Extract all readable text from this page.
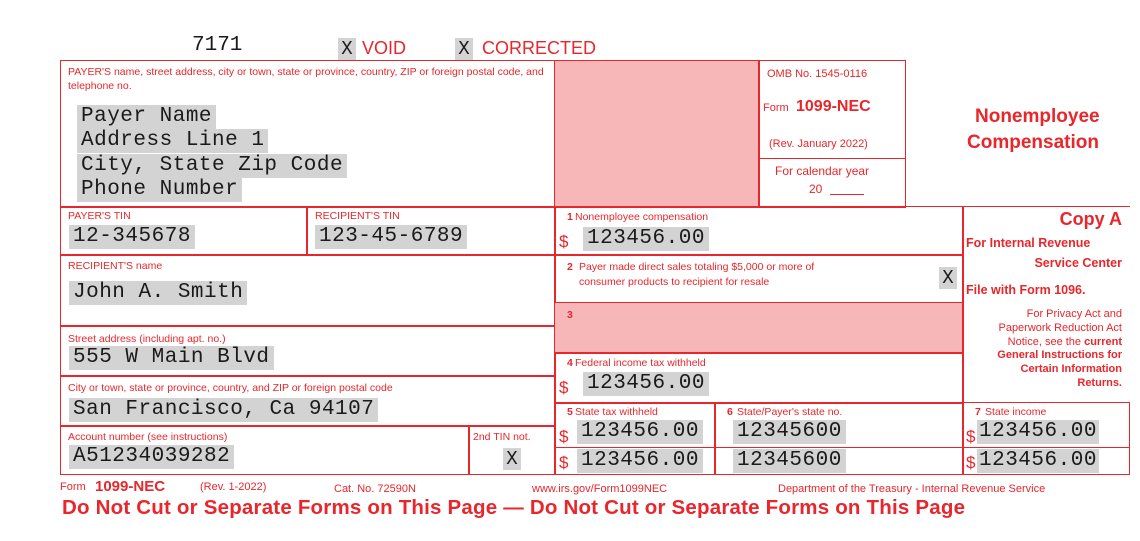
7171	X VOID	X CORRECTED
PAYER'S name, street address, city or town, state or province, country, ZIP or foreign postal code, and telephone no.
Payer Name
Address Line 1
City, State Zip Code
Phone Number
OMB No. 1545-0116
Form 1099-NEC
(Rev. January 2022)
For calendar year
20
Nonemployee
Compensation
PAYER'S TIN
12-345678
RECIPIENT'S TIN
123-45-6789
RECIPIENT'S name
John A. Smith
Street address (including apt. no.)
555 W Main Blvd
City or town, state or province, country, and ZIP or foreign postal code
San Francisco, Ca 94107
Account number (see instructions)
A51234039282
2nd TIN not.
X
1 Nonemployee compensation
$ 123456.00
2 Payer made direct sales totaling $5,000 or more of
consumer products to recipient for resale	X
3
4 Federal income tax withheld
$ 123456.00
5 State tax withheld
$ 123456.00
$ 123456.00
6 State/Payer's state no.
12345600
12345600
7 State income
$ 123456.00
$ 123456.00
Copy A
For Internal Revenue
Service Center
File with Form 1096.
For Privacy Act and
Paperwork Reduction Act
Notice, see the current
General Instructions for
Certain Information
Returns.
Form 1099-NEC	(Rev. 1-2022)	Cat. No. 72590N	www.irs.gov/Form1099NEC	Department of the Treasury - Internal Revenue Service
Do Not Cut or Separate Forms on This Page — Do Not Cut or Separate Forms on This Page
